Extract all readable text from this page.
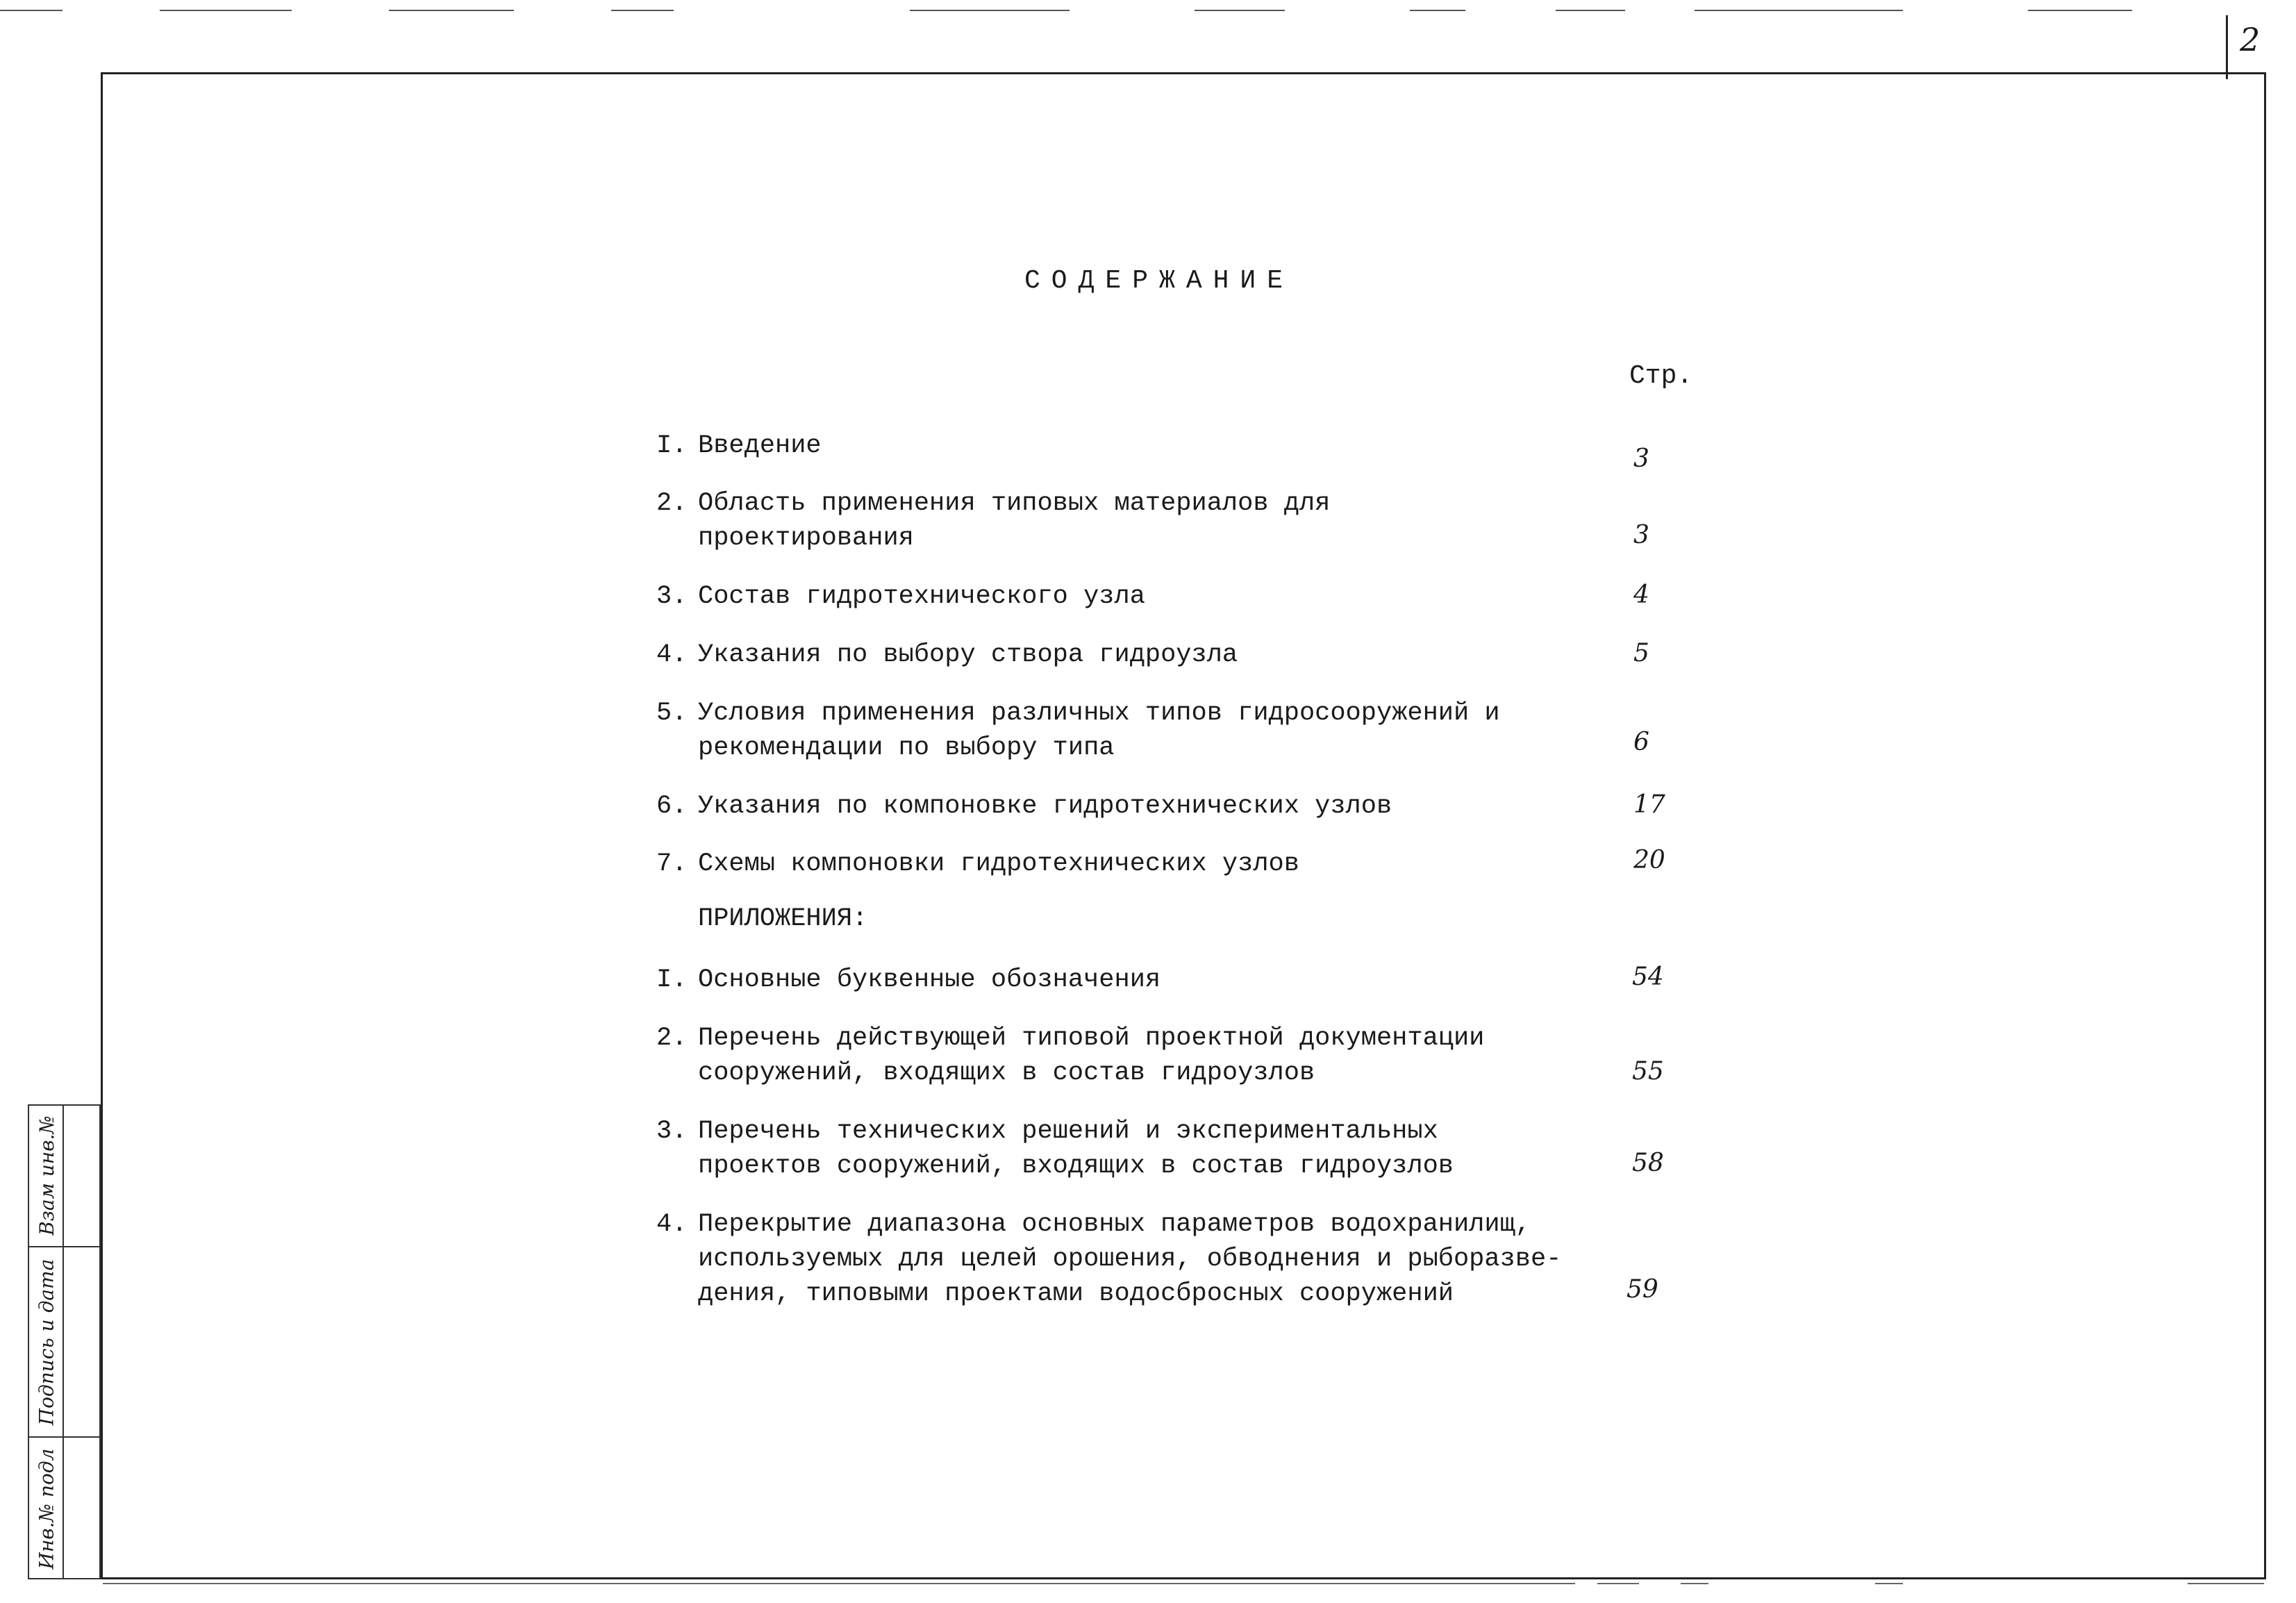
2
Взам инв.№
Подпись и дата
Инв.№ подл
СОДЕРЖАНИЕ
Стр.
I. Введение	3
2. Область применения типовых материалов для
проектирования	3
3. Состав гидротехнического узла	4
4. Указания по выбору створа гидроузла	5
5. Условия применения различных типов гидросооружений и
рекомендации по выбору типа	6
6. Указания по компоновке гидротехнических узлов	17
7. Схемы компоновки гидротехнических узлов	20
ПРИЛОЖЕНИЯ:
I. Основные буквенные обозначения	54
2. Перечень действующей типовой проектной документации
сооружений, входящих в состав гидроузлов	55
3. Перечень технических решений и экспериментальных
проектов сооружений, входящих в состав гидроузлов	58
4. Перекрытие диапазона основных параметров водохранилищ,
используемых для целей орошения, обводнения и рыборазве-
дения, типовыми проектами водосбросных сооружений	59
